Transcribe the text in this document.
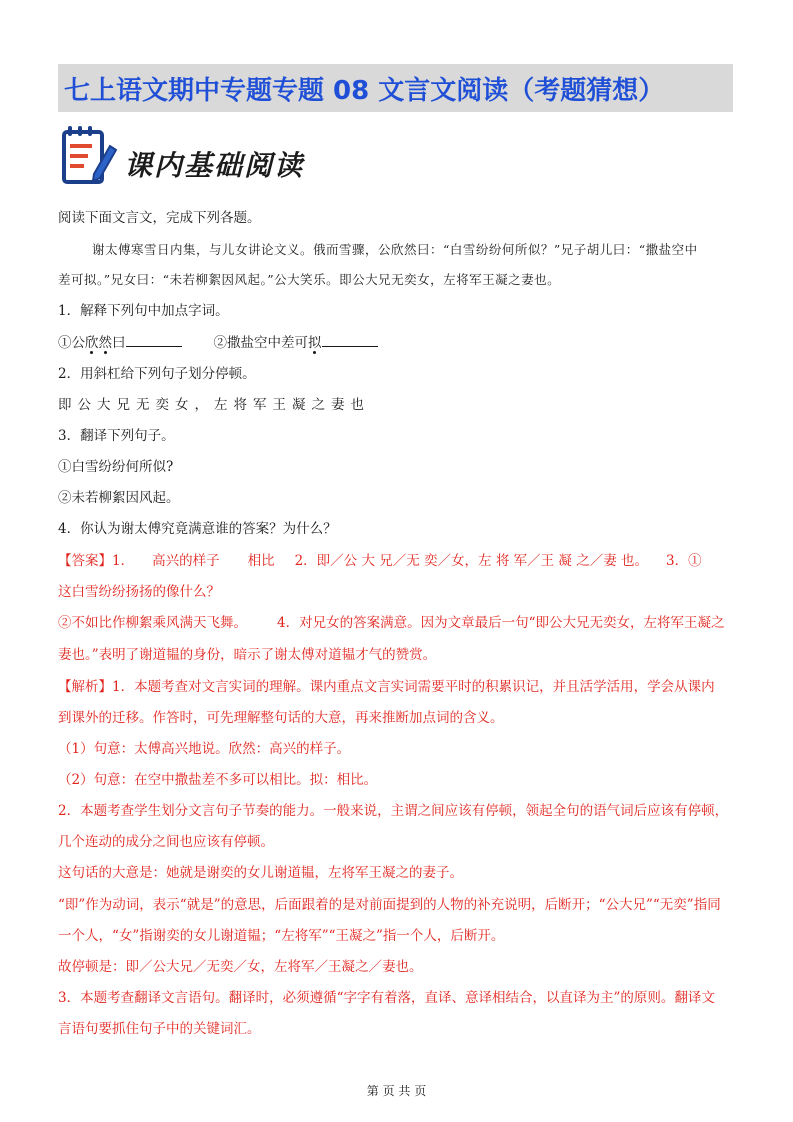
七上语文期中专题专题 08 文言文阅读（考题猜想）
课内基础阅读
阅读下面文言文，完成下列各题。
谢太傅寒雪日内集，与儿女讲论文义。俄而雪骤，公欣然曰：“白雪纷纷何所似？”兄子胡儿曰：“撒盐空中
差可拟。”兄女曰：“未若柳絮因风起。”公大笑乐。即公大兄无奕女，左将军王凝之妻也。
1．解释下列句中加点字词。
①公欣然曰	②撒盐空中差可拟
2．用斜杠给下列句子划分停顿。
即公大兄无奕女，左将军王凝之妻也
3．翻译下列句子。
①白雪纷纷何所似?
②未若柳絮因风起。
4．你认为谢太傅究竟满意谁的答案？为什么？
【答案】1． 高兴的样子 相比 2．即／公 大 兄／无 奕／女，左 将 军／王 凝 之／妻 也。 3．①
这白雪纷纷扬扬的像什么？
②不如比作柳絮乘风满天飞舞。 4．对兄女的答案满意。因为文章最后一句“即公大兄无奕女，左将军王凝之
妻也。”表明了谢道韫的身份，暗示了谢太傅对道韫才气的赞赏。
【解析】1．本题考查对文言实词的理解。课内重点文言实词需要平时的积累识记，并且活学活用，学会从课内
到课外的迁移。作答时，可先理解整句话的大意，再来推断加点词的含义。
（1）句意：太傅高兴地说。欣然：高兴的样子。
（2）句意：在空中撒盐差不多可以相比。拟：相比。
2．本题考查学生划分文言句子节奏的能力。一般来说，主谓之间应该有停顿，领起全句的语气词后应该有停顿，
几个连动的成分之间也应该有停顿。
这句话的大意是：她就是谢奕的女儿谢道韫，左将军王凝之的妻子。
“即”作为动词，表示“就是”的意思，后面跟着的是对前面提到的人物的补充说明，后断开；“公大兄”“无奕”指同
一个人，“女”指谢奕的女儿谢道韫；“左将军”“王凝之”指一个人，后断开。
故停顿是：即／公大兄／无奕／女，左将军／王凝之／妻也。
3．本题考查翻译文言语句。翻译时，必须遵循“字字有着落，直译、意译相结合，以直译为主”的原则。翻译文
言语句要抓住句子中的关键词汇。
第 页 共 页
